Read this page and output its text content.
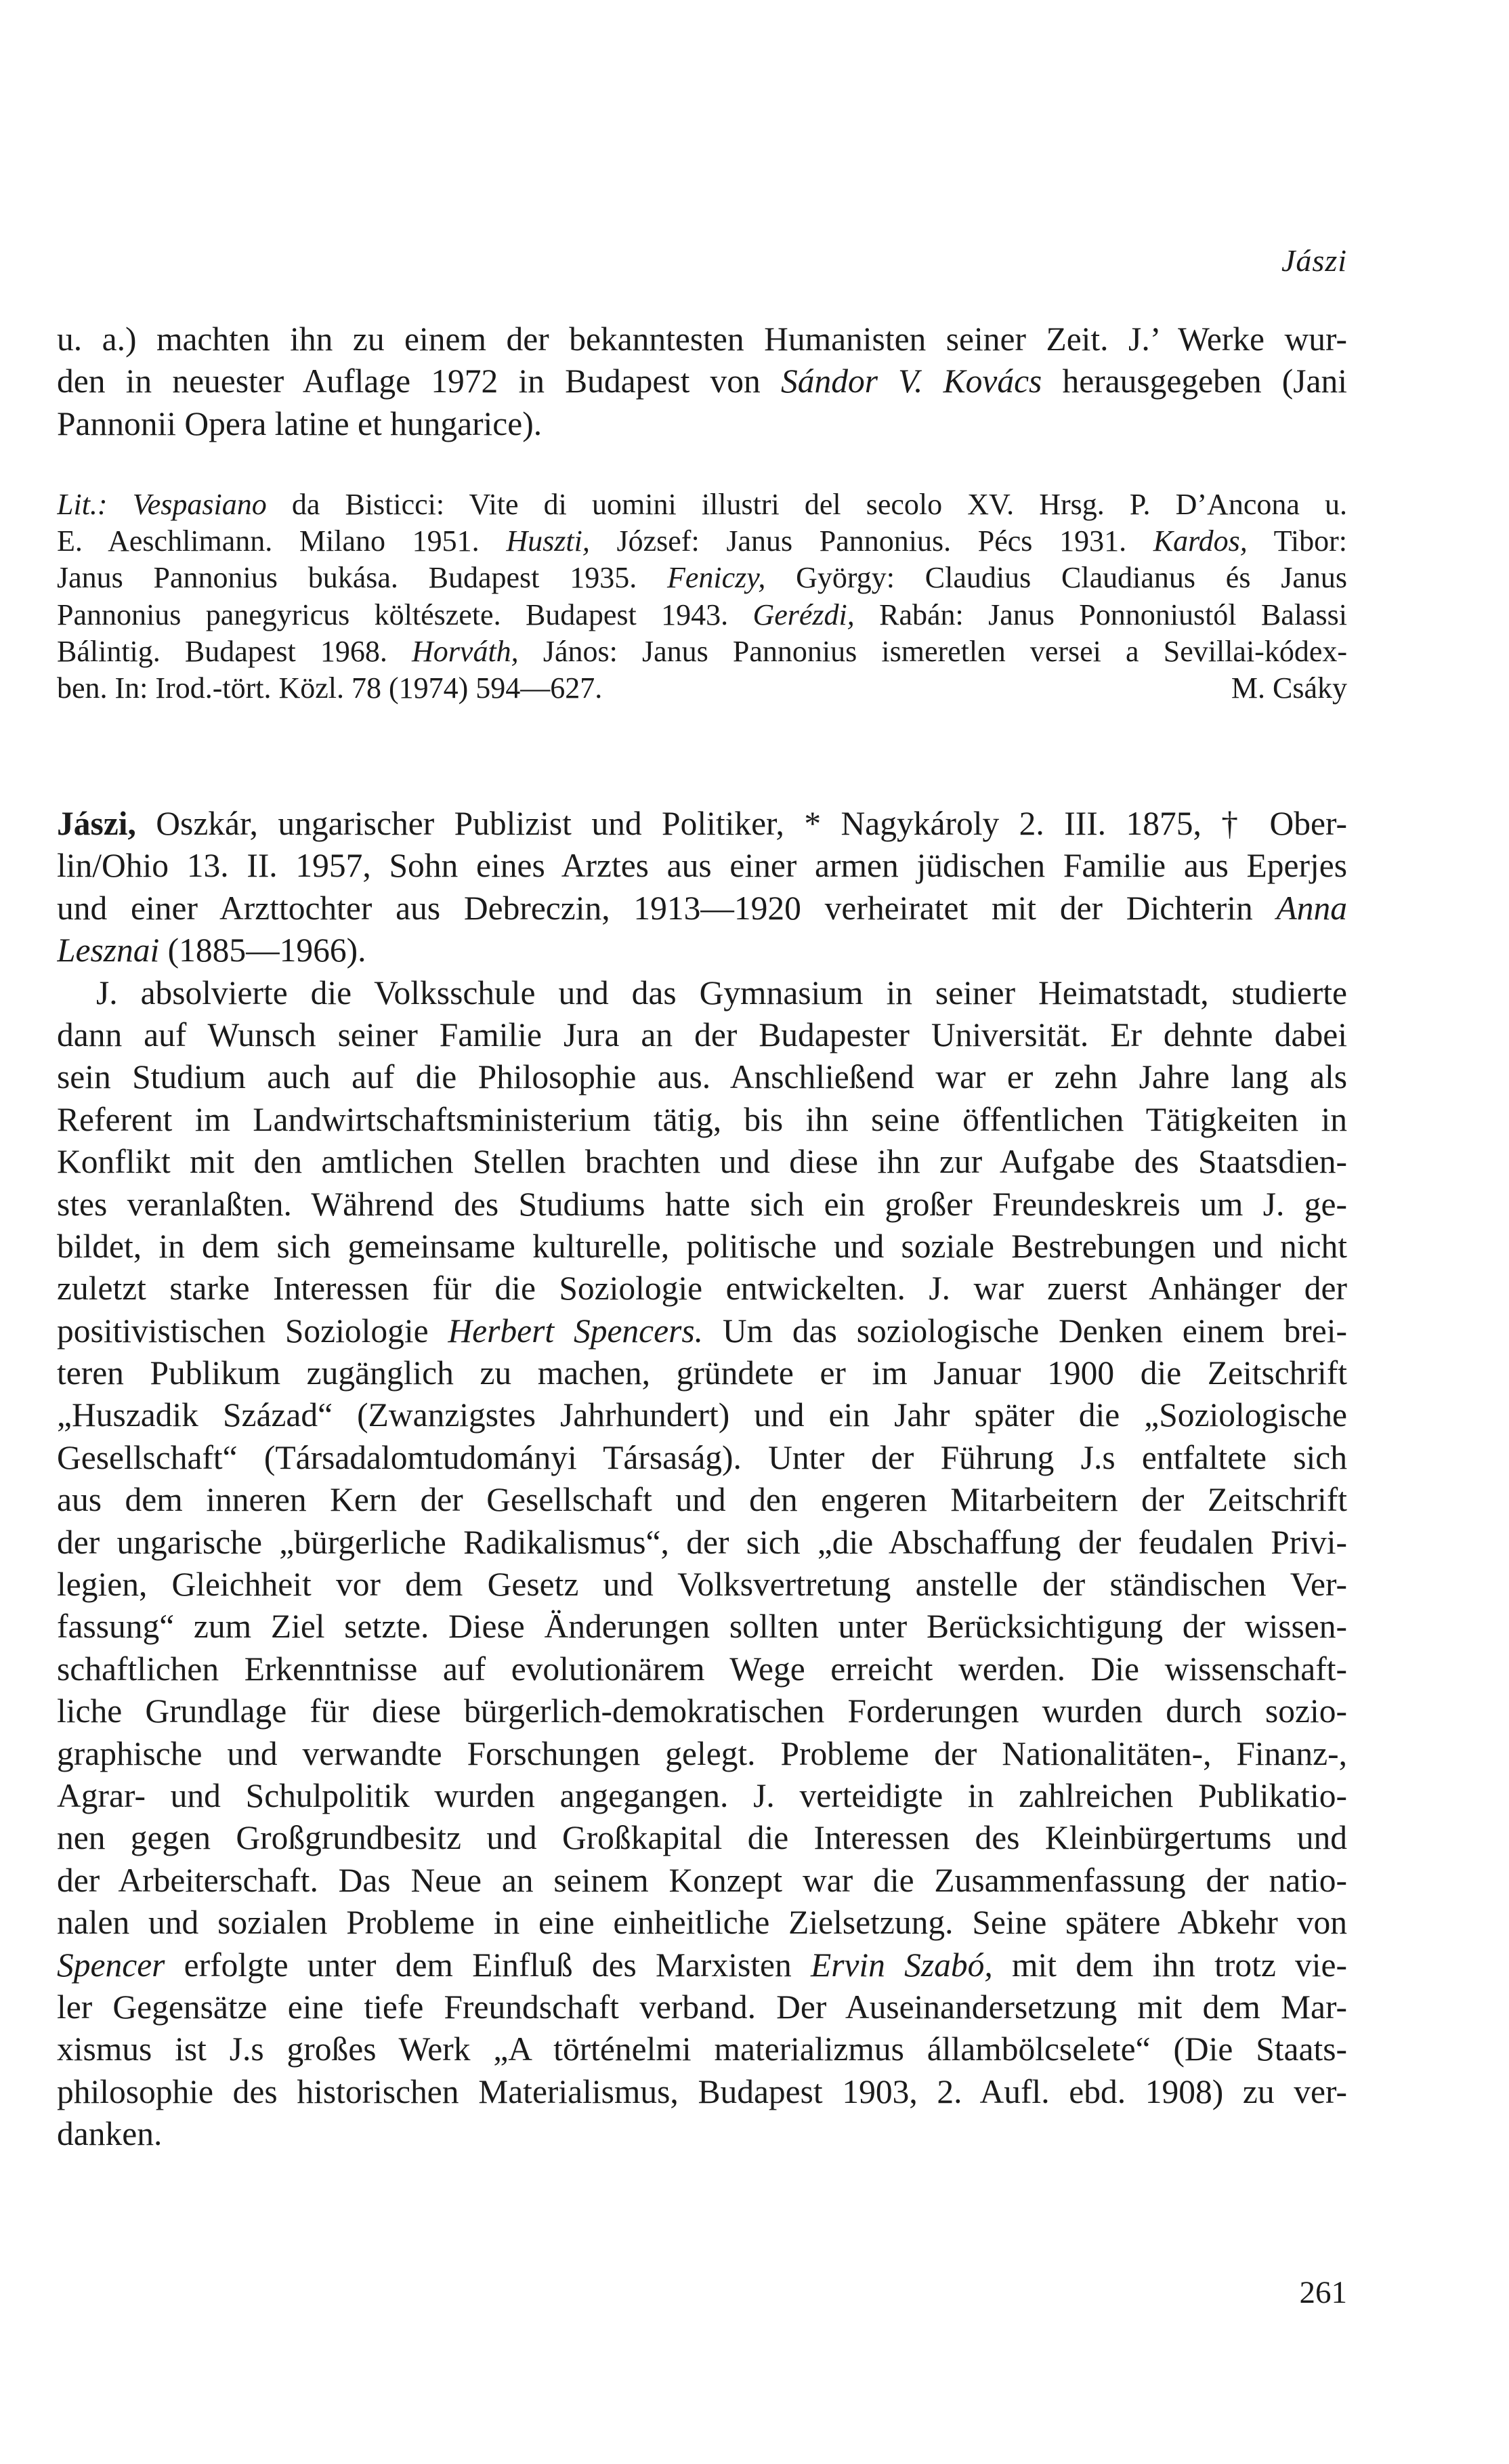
Jászi
u. a.) machten ihn zu einem der bekanntesten Humanisten seiner Zeit. J.’ Werke wur-
den in neuester Auflage 1972 in Budapest von Sándor V. Kovács herausgegeben (Jani
Pannonii Opera latine et hungarice).
Lit.: Vespasiano da Bisticci: Vite di uomini illustri del secolo XV. Hrsg. P. D’Ancona u.
E. Aeschlimann. Milano 1951. Huszti, József: Janus Pannonius. Pécs 1931. Kardos, Tibor:
Janus Pannonius bukása. Budapest 1935. Feniczy, György: Claudius Claudianus és Janus
Pannonius panegyricus költészete. Budapest 1943. Gerézdi, Rabán: Janus Ponnoniustól Balassi
Bálintig. Budapest 1968. Horváth, János: Janus Pannonius ismeretlen versei a Sevillai-kódex-
ben. In: Irod.-tört. Közl. 78 (1974) 594—627.	M. Csáky
Jászi, Oszkár, ungarischer Publizist und Politiker, * Nagykároly 2. III. 1875, † Ober-
lin/Ohio 13. II. 1957, Sohn eines Arztes aus einer armen jüdischen Familie aus Eperjes
und einer Arzttochter aus Debreczin, 1913—1920 verheiratet mit der Dichterin Anna
Lesznai (1885—1966).
J. absolvierte die Volksschule und das Gymnasium in seiner Heimatstadt, studierte
dann auf Wunsch seiner Familie Jura an der Budapester Universität. Er dehnte dabei
sein Studium auch auf die Philosophie aus. Anschließend war er zehn Jahre lang als
Referent im Landwirtschaftsministerium tätig, bis ihn seine öffentlichen Tätigkeiten in
Konflikt mit den amtlichen Stellen brachten und diese ihn zur Aufgabe des Staatsdien-
stes veranlaßten. Während des Studiums hatte sich ein großer Freundeskreis um J. ge-
bildet, in dem sich gemeinsame kulturelle, politische und soziale Bestrebungen und nicht
zuletzt starke Interessen für die Soziologie entwickelten. J. war zuerst Anhänger der
positivistischen Soziologie Herbert Spencers. Um das soziologische Denken einem brei-
teren Publikum zugänglich zu machen, gründete er im Januar 1900 die Zeitschrift
„Huszadik Század“ (Zwanzigstes Jahrhundert) und ein Jahr später die „Soziologische
Gesellschaft“ (Társadalomtudományi Társaság). Unter der Führung J.s entfaltete sich
aus dem inneren Kern der Gesellschaft und den engeren Mitarbeitern der Zeitschrift
der ungarische „bürgerliche Radikalismus“, der sich „die Abschaffung der feudalen Privi-
legien, Gleichheit vor dem Gesetz und Volksvertretung anstelle der ständischen Ver-
fassung“ zum Ziel setzte. Diese Änderungen sollten unter Berücksichtigung der wissen-
schaftlichen Erkenntnisse auf evolutionärem Wege erreicht werden. Die wissenschaft-
liche Grundlage für diese bürgerlich-demokratischen Forderungen wurden durch sozio-
graphische und verwandte Forschungen gelegt. Probleme der Nationalitäten-, Finanz-,
Agrar- und Schulpolitik wurden angegangen. J. verteidigte in zahlreichen Publikatio-
nen gegen Großgrundbesitz und Großkapital die Interessen des Kleinbürgertums und
der Arbeiterschaft. Das Neue an seinem Konzept war die Zusammenfassung der natio-
nalen und sozialen Probleme in eine einheitliche Zielsetzung. Seine spätere Abkehr von
Spencer erfolgte unter dem Einfluß des Marxisten Ervin Szabó, mit dem ihn trotz vie-
ler Gegensätze eine tiefe Freundschaft verband. Der Auseinandersetzung mit dem Mar-
xismus ist J.s großes Werk „A történelmi materializmus állambölcselete“ (Die Staats-
philosophie des historischen Materialismus, Budapest 1903, 2. Aufl. ebd. 1908) zu ver-
danken.
261
